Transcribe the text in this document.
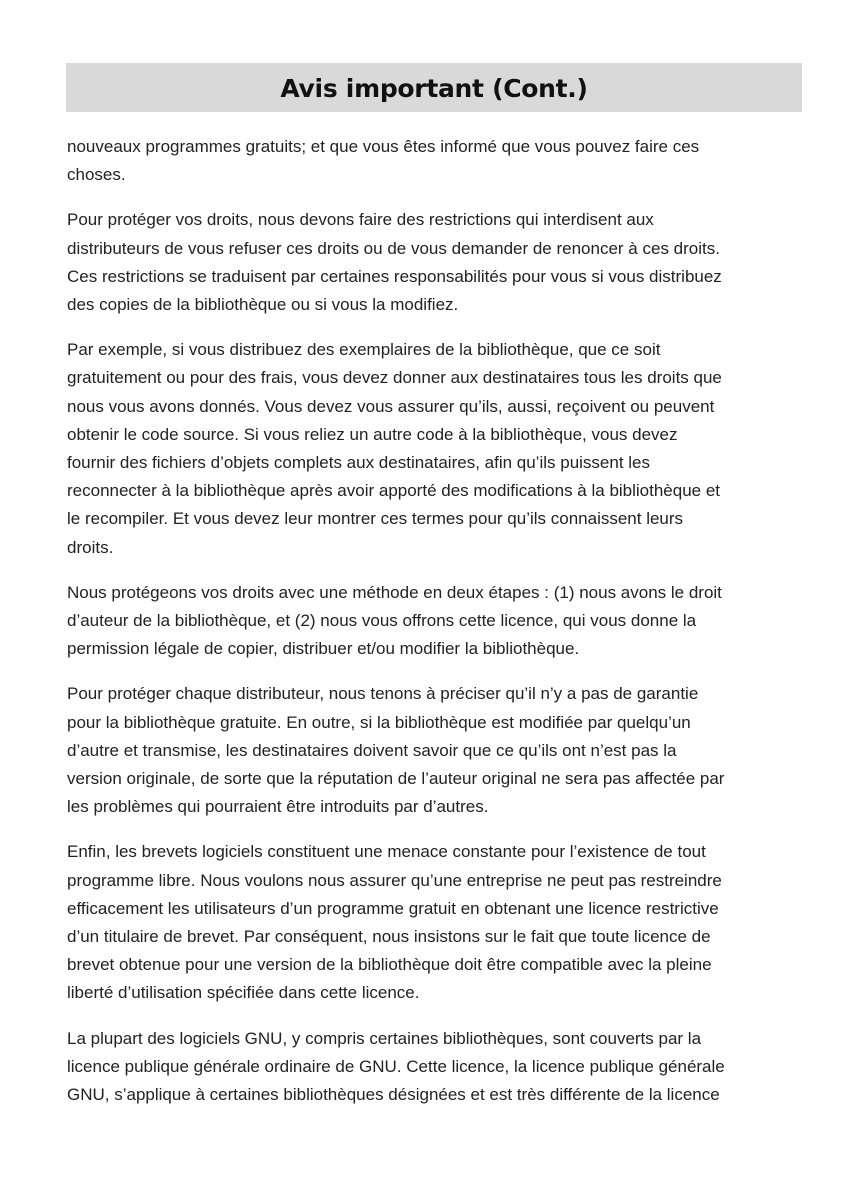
Avis important (Cont.)

nouveaux programmes gratuits; et que vous êtes informé que vous pouvez faire ces
choses.

Pour protéger vos droits, nous devons faire des restrictions qui interdisent aux
distributeurs de vous refuser ces droits ou de vous demander de renoncer à ces droits.
Ces restrictions se traduisent par certaines responsabilités pour vous si vous distribuez
des copies de la bibliothèque ou si vous la modifiez.

Par exemple, si vous distribuez des exemplaires de la bibliothèque, que ce soit
gratuitement ou pour des frais, vous devez donner aux destinataires tous les droits que
nous vous avons donnés. Vous devez vous assurer qu’ils, aussi, reçoivent ou peuvent
obtenir le code source. Si vous reliez un autre code à la bibliothèque, vous devez
fournir des fichiers d’objets complets aux destinataires, afin qu’ils puissent les
reconnecter à la bibliothèque après avoir apporté des modifications à la bibliothèque et
le recompiler. Et vous devez leur montrer ces termes pour qu’ils connaissent leurs
droits.

Nous protégeons vos droits avec une méthode en deux étapes : (1) nous avons le droit
d’auteur de la bibliothèque, et (2) nous vous offrons cette licence, qui vous donne la
permission légale de copier, distribuer et/ou modifier la bibliothèque.

Pour protéger chaque distributeur, nous tenons à préciser qu’il n’y a pas de garantie
pour la bibliothèque gratuite. En outre, si la bibliothèque est modifiée par quelqu’un
d’autre et transmise, les destinataires doivent savoir que ce qu’ils ont n’est pas la
version originale, de sorte que la réputation de l’auteur original ne sera pas affectée par
les problèmes qui pourraient être introduits par d’autres.

Enfin, les brevets logiciels constituent une menace constante pour l’existence de tout
programme libre. Nous voulons nous assurer qu’une entreprise ne peut pas restreindre
efficacement les utilisateurs d’un programme gratuit en obtenant une licence restrictive
d’un titulaire de brevet. Par conséquent, nous insistons sur le fait que toute licence de
brevet obtenue pour une version de la bibliothèque doit être compatible avec la pleine
liberté d’utilisation spécifiée dans cette licence.

La plupart des logiciels GNU, y compris certaines bibliothèques, sont couverts par la
licence publique générale ordinaire de GNU. Cette licence, la licence publique générale
GNU, s’applique à certaines bibliothèques désignées et est très différente de la licence
